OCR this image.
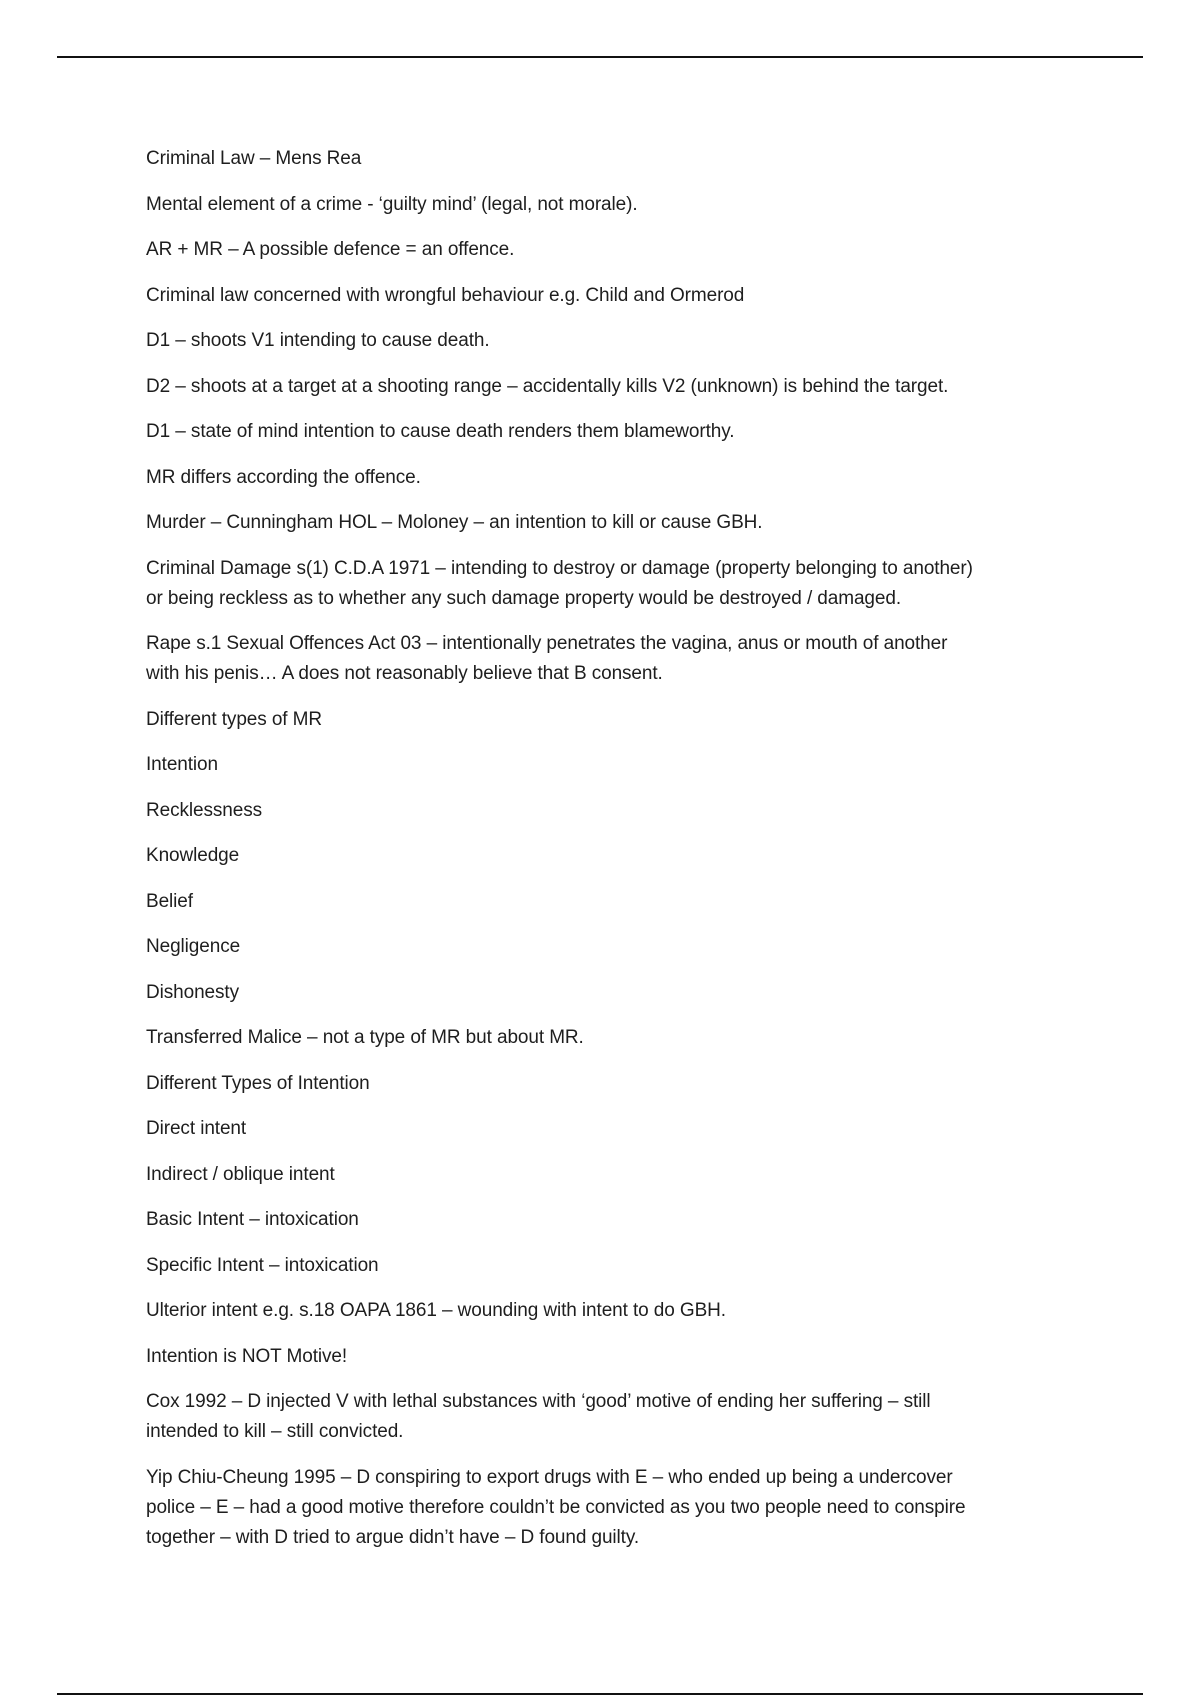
Criminal Law – Mens Rea

Mental element of a crime - ‘guilty mind’ (legal, not morale).

AR + MR – A possible defence = an offence.

Criminal law concerned with wrongful behaviour e.g. Child and Ormerod

D1 – shoots V1 intending to cause death.

D2 – shoots at a target at a shooting range – accidentally kills V2 (unknown) is behind the target.

D1 – state of mind intention to cause death renders them blameworthy.

MR differs according the offence.

Murder – Cunningham HOL – Moloney – an intention to kill or cause GBH.

Criminal Damage s(1) C.D.A 1971 – intending to destroy or damage (property belonging to another)
or being reckless as to whether any such damage property would be destroyed / damaged.

Rape s.1 Sexual Offences Act 03 – intentionally penetrates the vagina, anus or mouth of another
with his penis… A does not reasonably believe that B consent.

Different types of MR

Intention

Recklessness

Knowledge

Belief

Negligence

Dishonesty

Transferred Malice – not a type of MR but about MR.

Different Types of Intention

Direct intent

Indirect / oblique intent

Basic Intent – intoxication

Specific Intent – intoxication

Ulterior intent e.g. s.18 OAPA 1861 – wounding with intent to do GBH.

Intention is NOT Motive!

Cox 1992 – D injected V with lethal substances with ‘good’ motive of ending her suffering – still
intended to kill – still convicted.

Yip Chiu-Cheung 1995 – D conspiring to export drugs with E – who ended up being a undercover
police – E – had a good motive therefore couldn’t be convicted as you two people need to conspire
together – with D tried to argue didn’t have – D found guilty.
